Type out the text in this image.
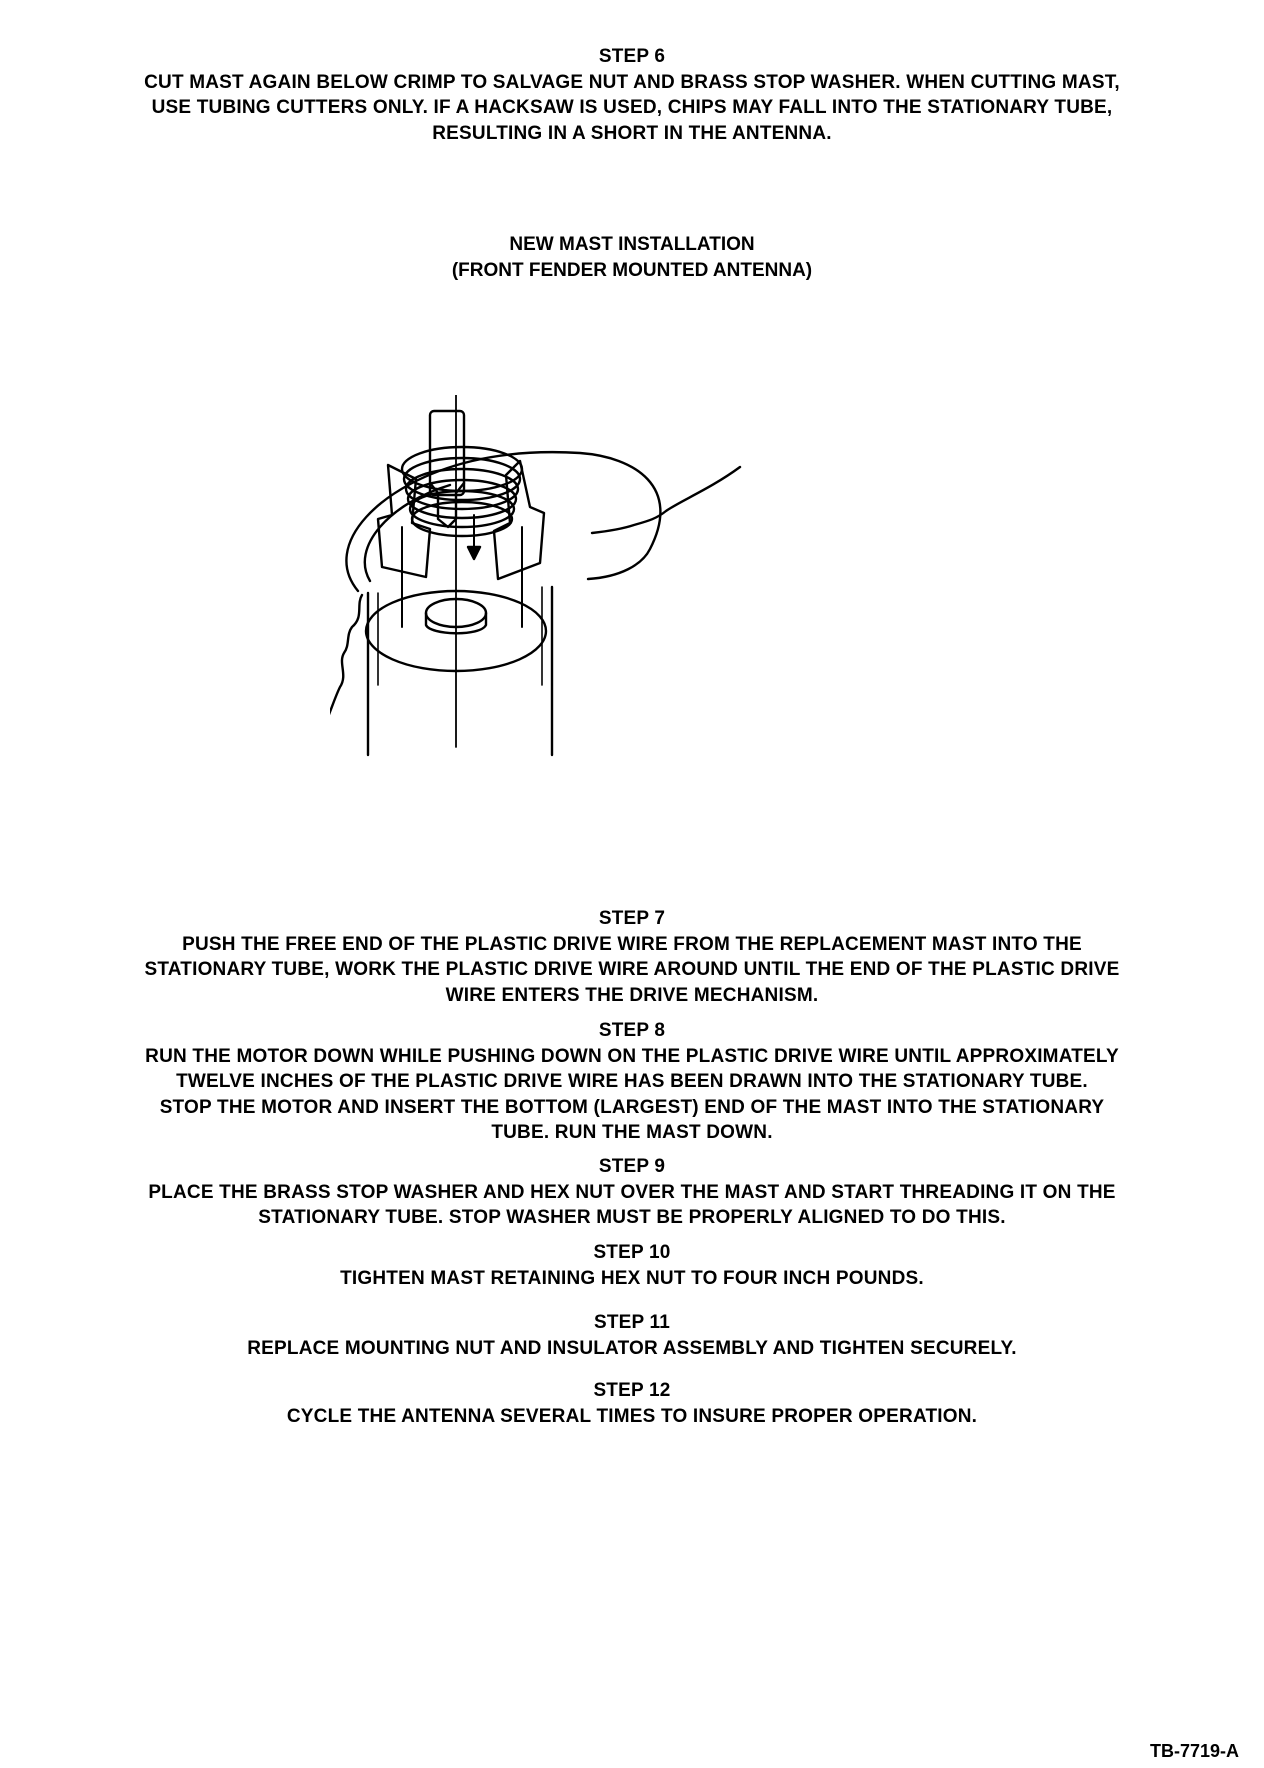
STEP 6
CUT MAST AGAIN BELOW CRIMP TO SALVAGE NUT AND BRASS STOP WASHER. WHEN CUTTING MAST,
USE TUBING CUTTERS ONLY. IF A HACKSAW IS USED, CHIPS MAY FALL INTO THE STATIONARY TUBE,
RESULTING IN A SHORT IN THE ANTENNA.
NEW MAST INSTALLATION
(FRONT FENDER MOUNTED ANTENNA)
STEP 7
PUSH THE FREE END OF THE PLASTIC DRIVE WIRE FROM THE REPLACEMENT MAST INTO THE
STATIONARY TUBE, WORK THE PLASTIC DRIVE WIRE AROUND UNTIL THE END OF THE PLASTIC DRIVE
WIRE ENTERS THE DRIVE MECHANISM.
STEP 8
RUN THE MOTOR DOWN WHILE PUSHING DOWN ON THE PLASTIC DRIVE WIRE UNTIL APPROXIMATELY
TWELVE INCHES OF THE PLASTIC DRIVE WIRE HAS BEEN DRAWN INTO THE STATIONARY TUBE.
STOP THE MOTOR AND INSERT THE BOTTOM (LARGEST) END OF THE MAST INTO THE STATIONARY
TUBE. RUN THE MAST DOWN.
STEP 9
PLACE THE BRASS STOP WASHER AND HEX NUT OVER THE MAST AND START THREADING IT ON THE
STATIONARY TUBE. STOP WASHER MUST BE PROPERLY ALIGNED TO DO THIS.
STEP 10
TIGHTEN MAST RETAINING HEX NUT TO FOUR INCH POUNDS.
STEP 11
REPLACE MOUNTING NUT AND INSULATOR ASSEMBLY AND TIGHTEN SECURELY.
STEP 12
CYCLE THE ANTENNA SEVERAL TIMES TO INSURE PROPER OPERATION.
TB-7719-A
